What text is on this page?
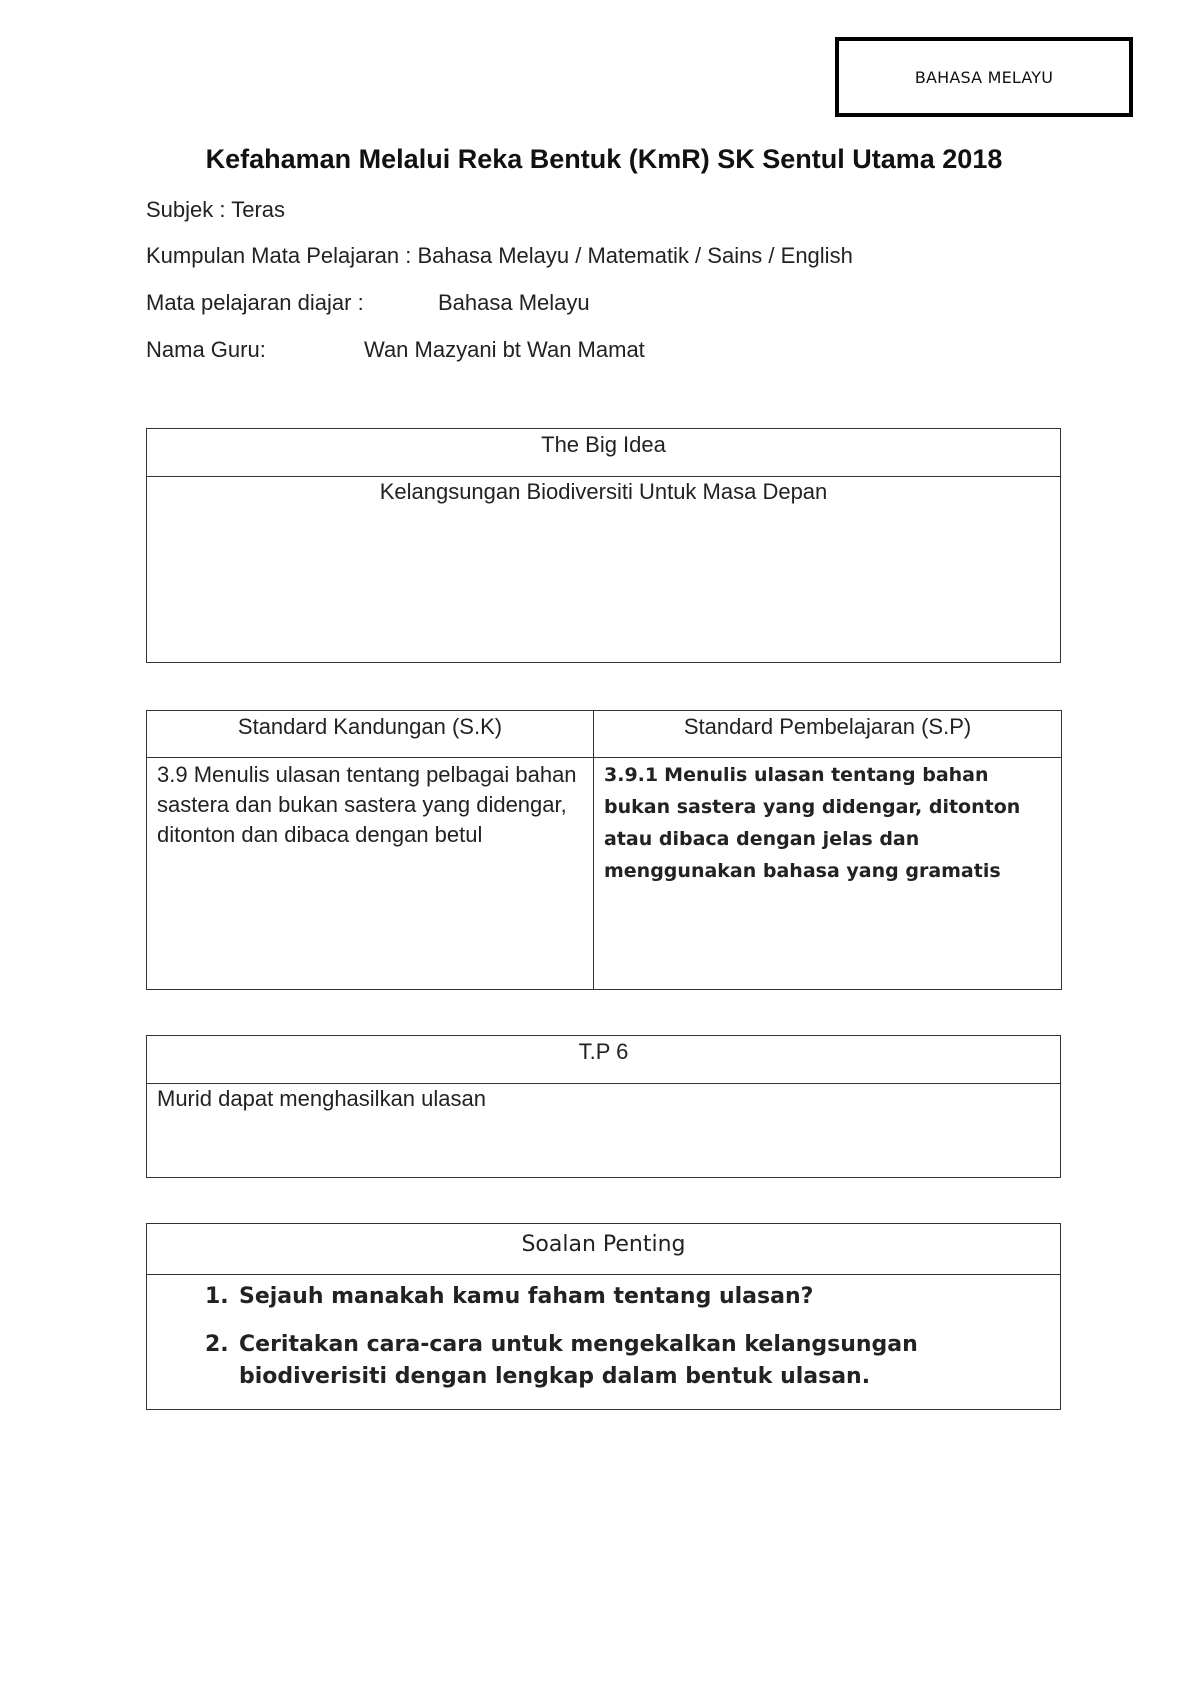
BAHASA MELAYU
Kefahaman Melalui Reka Bentuk (KmR) SK Sentul Utama 2018
Subjek : Teras
Kumpulan Mata Pelajaran : Bahasa Melayu / Matematik / Sains / English
Mata pelajaran diajar :	Bahasa Melayu
Nama Guru:	Wan Mazyani bt Wan Mamat
The Big Idea
Kelangsungan Biodiversiti Untuk Masa Depan
Standard Kandungan (S.K)	Standard Pembelajaran (S.P)
3.9 Menulis ulasan tentang pelbagai bahan sastera dan bukan sastera yang didengar, ditonton dan dibaca dengan betul	3.9.1 Menulis ulasan tentang bahan bukan sastera yang didengar, ditonton atau dibaca dengan jelas dan menggunakan bahasa yang gramatis
T.P 6
Murid dapat menghasilkan ulasan
Soalan Penting

1. Sejauh manakah kamu faham tentang ulasan?
2. Ceritakan cara-cara untuk mengekalkan kelangsungan biodiverisiti dengan lengkap dalam bentuk ulasan.
